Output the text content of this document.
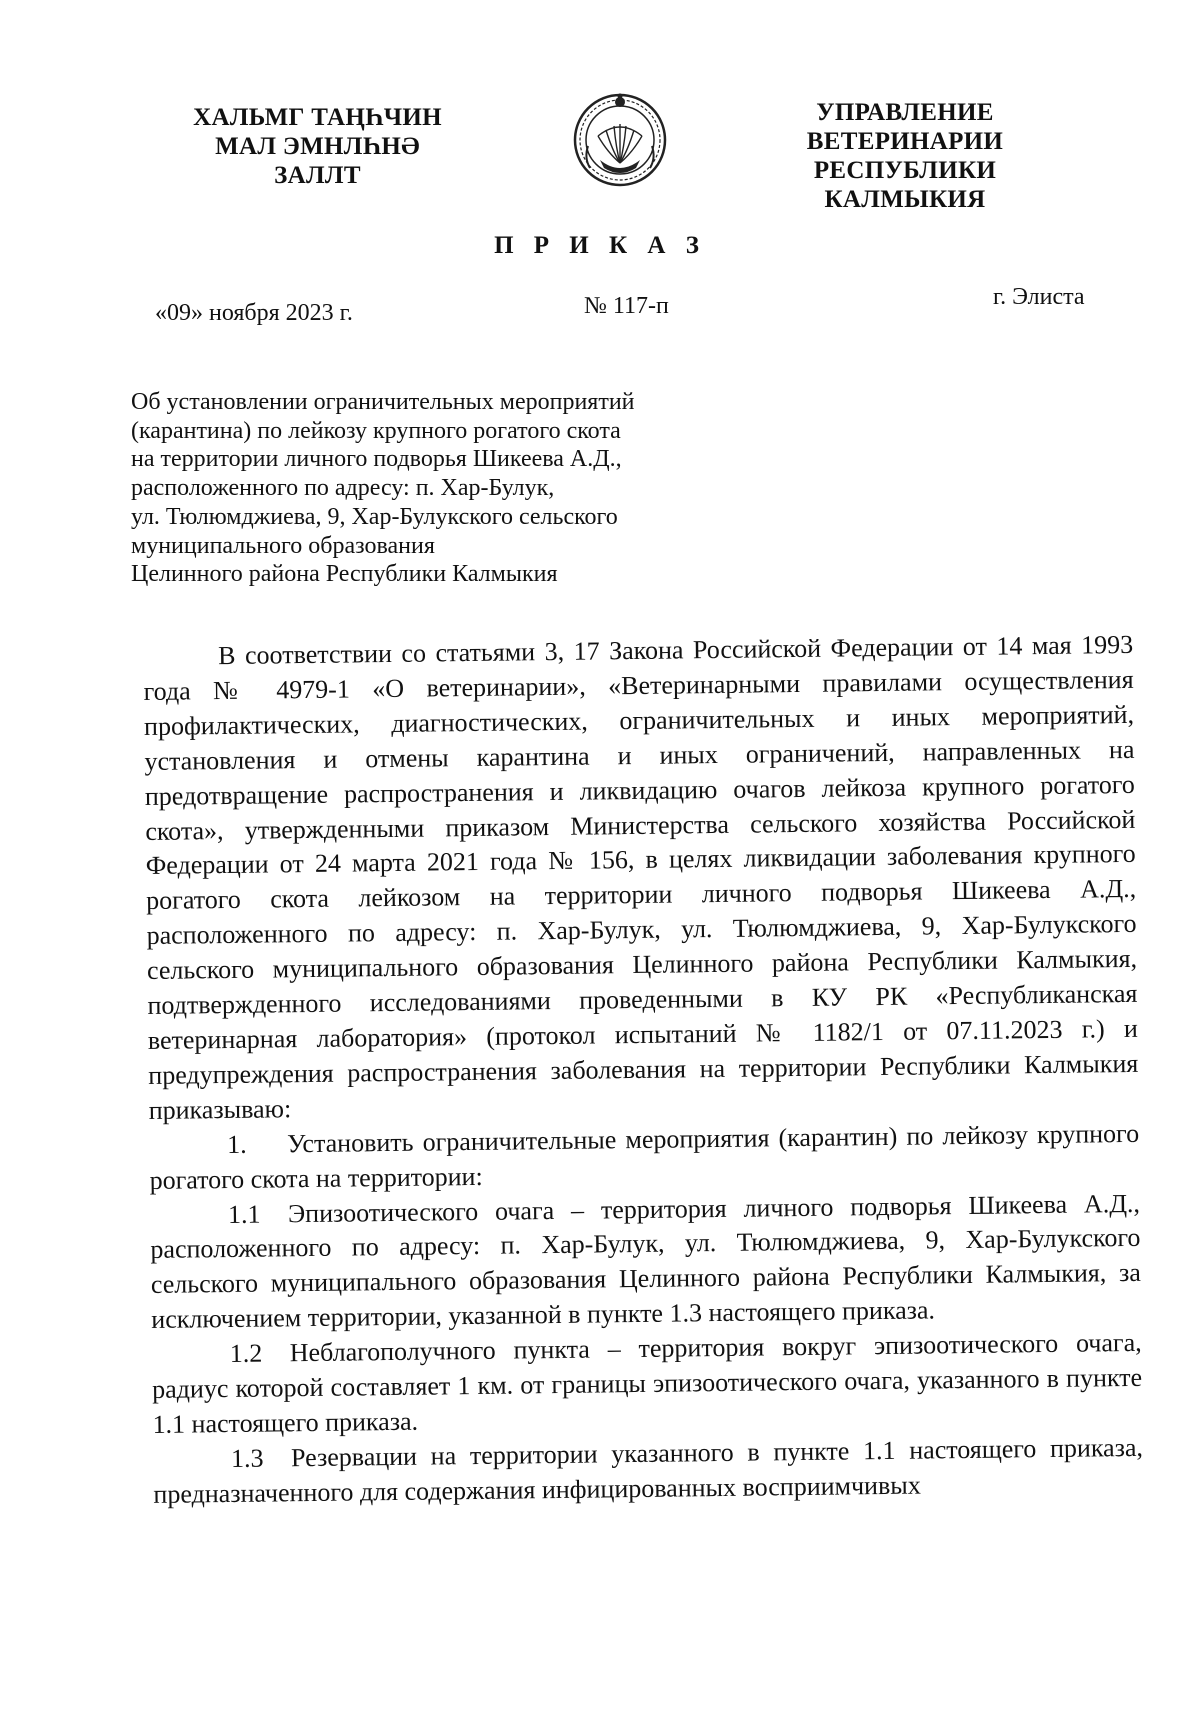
ХАЛЬМГ ТАҢҺЧИН
МАЛ ЭМНЛҺНӘ
ЗАЛЛТ
УПРАВЛЕНИЕ
ВЕТЕРИНАРИИ
РЕСПУБЛИКИ КАЛМЫКИЯ
П Р И К А З
«09» ноября 2023 г.	№ 117-п	г. Элиста
Об установлении ограничительных мероприятий
(карантина) по лейкозу крупного рогатого скота
на территории личного подворья Шикеева А.Д.,
расположенного по адресу: п. Хар-Булук,
ул. Тюлюмджиева, 9, Хар-Булукского сельского
муниципального образования
Целинного района Республики Калмыкия

В соответствии со статьями 3, 17 Закона Российской Федерации от 14 мая 1993 года № 4979-1 «О ветеринарии», «Ветеринарными правилами осуществления профилактических, диагностических, ограничительных и иных мероприятий, установления и отмены карантина и иных ограничений, направленных на предотвращение распространения и ликвидацию очагов лейкоза крупного рогатого скота», утвержденными приказом Министерства сельского хозяйства Российской Федерации от 24 марта 2021 года № 156, в целях ликвидации заболевания крупного рогатого скота лейкозом на территории личного подворья Шикеева А.Д., расположенного по адресу: п. Хар-Булук, ул. Тюлюмджиева, 9, Хар-Булукского сельского муниципального образования Целинного района Республики Калмыкия, подтвержденного исследованиями проведенными в КУ РК «Республиканская ветеринарная лаборатория» (протокол испытаний № 1182/1 от 07.11.2023 г.) и предупреждения распространения заболевания на территории Республики Калмыкия приказываю:

1. Установить ограничительные мероприятия (карантин) по лейкозу крупного рогатого скота на территории:

1.1 Эпизоотического очага – территория личного подворья Шикеева А.Д., расположенного по адресу: п. Хар-Булук, ул. Тюлюмджиева, 9, Хар-Булукского сельского муниципального образования Целинного района Республики Калмыкия, за исключением территории, указанной в пункте 1.3 настоящего приказа.

1.2 Неблагополучного пункта – территория вокруг эпизоотического очага, радиус которой составляет 1 км. от границы эпизоотического очага, указанного в пункте 1.1 настоящего приказа.

1.3 Резервации на территории указанного в пункте 1.1 настоящего приказа, предназначенного для содержания инфицированных восприимчивых
